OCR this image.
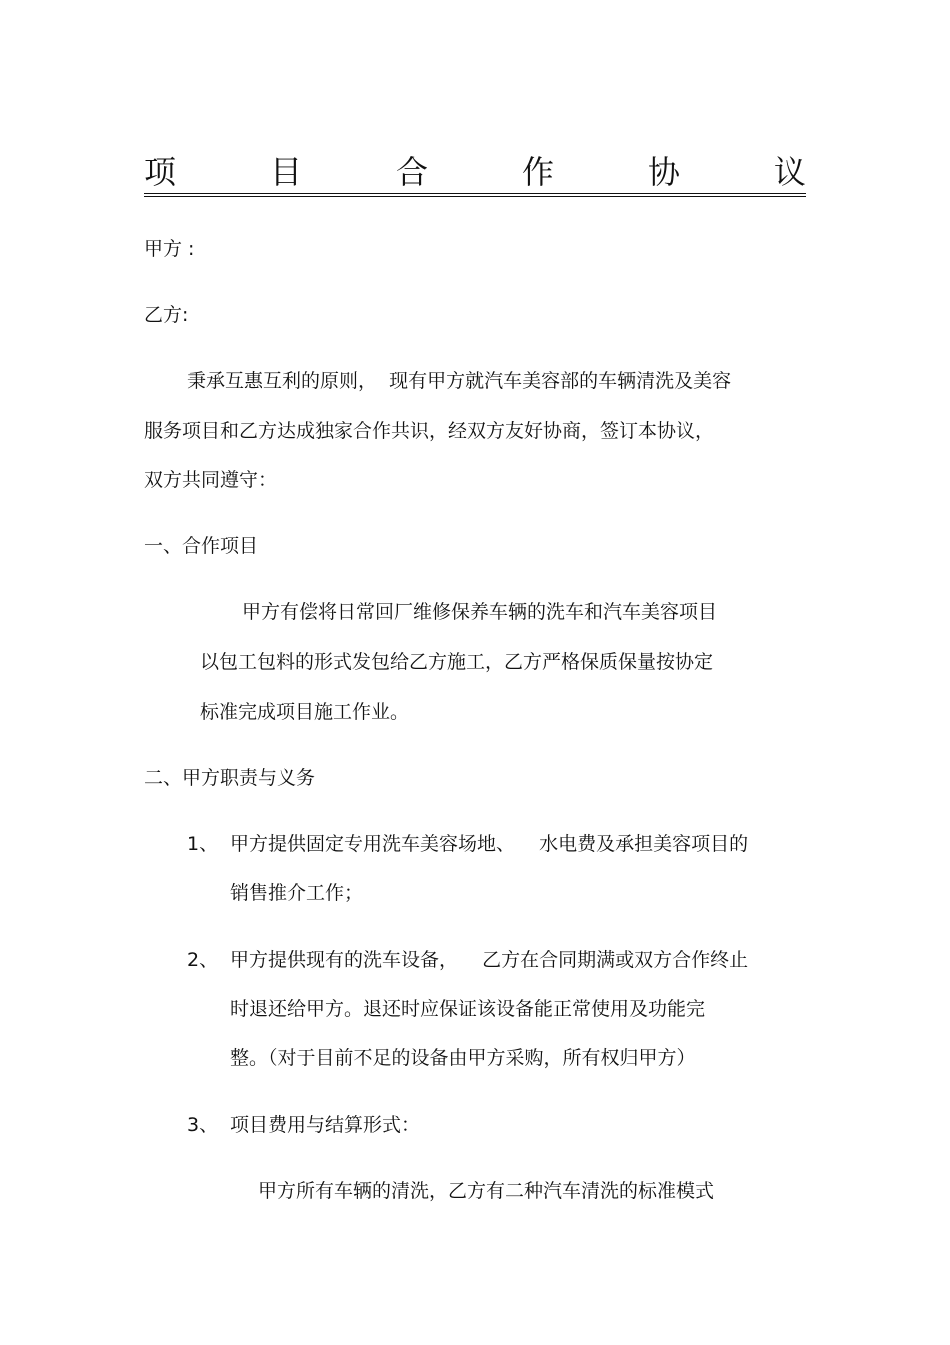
项	目	合	作	协	议
甲方 :
乙方:
秉承互惠互利的原则，  现有甲方就汽车美容部的车辆清洗及美容
服务项目和乙方达成独家合作共识，经双方友好协商，签订本协议，
双方共同遵守：
一、合作项目
甲方有偿将日常回厂维修保养车辆的洗车和汽车美容项目
以包工包料的形式发包给乙方施工，乙方严格保质保量按协定
标准完成项目施工作业。
二、甲方职责与义务
1、 甲方提供固定专用洗车美容场地、    水电费及承担美容项目的
销售推介工作；
2、 甲方提供现有的洗车设备，    乙方在合同期满或双方合作终止
时退还给甲方。退还时应保证该设备能正常使用及功能完
整。（对于目前不足的设备由甲方采购，所有权归甲方）
3、 项目费用与结算形式：
甲方所有车辆的清洗，乙方有二种汽车清洗的标准模式
